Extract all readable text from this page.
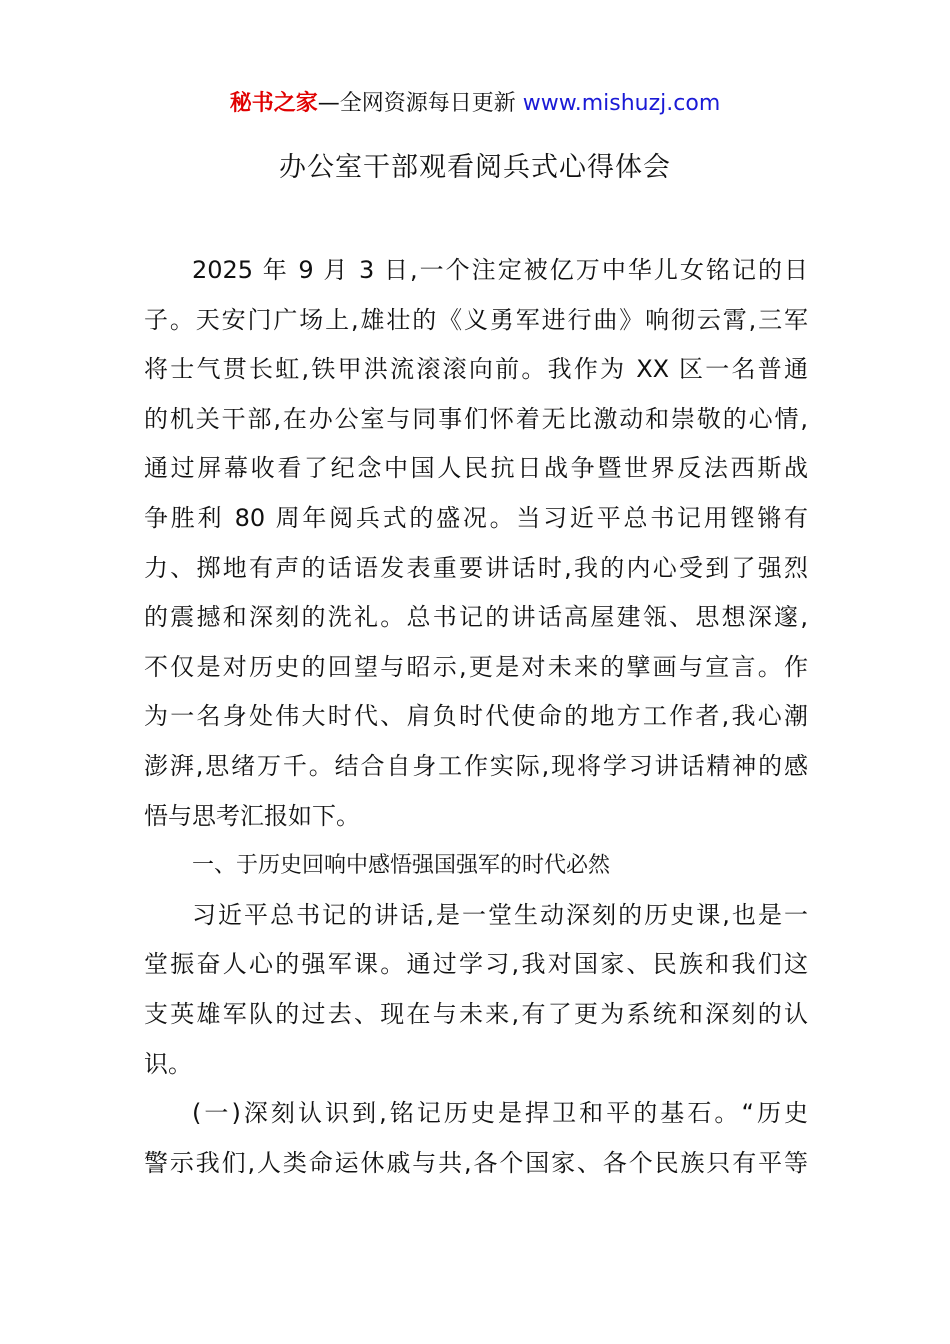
秘书之家—全网资源每日更新 www.mishuzj.com
办公室干部观看阅兵式心得体会
2025 年 9 月 3 日,一个注定被亿万中华儿女铭记的日
子。天安门广场上,雄壮的《义勇军进行曲》响彻云霄,三军
将士气贯长虹,铁甲洪流滚滚向前。我作为 XX 区一名普通
的机关干部,在办公室与同事们怀着无比激动和崇敬的心情,
通过屏幕收看了纪念中国人民抗日战争暨世界反法西斯战
争胜利 80 周年阅兵式的盛况。当习近平总书记用铿锵有
力、掷地有声的话语发表重要讲话时,我的内心受到了强烈
的震撼和深刻的洗礼。总书记的讲话高屋建瓴、思想深邃,
不仅是对历史的回望与昭示,更是对未来的擘画与宣言。作
为一名身处伟大时代、肩负时代使命的地方工作者,我心潮
澎湃,思绪万千。结合自身工作实际,现将学习讲话精神的感
悟与思考汇报如下。
一、于历史回响中感悟强国强军的时代必然
习近平总书记的讲话,是一堂生动深刻的历史课,也是一
堂振奋人心的强军课。通过学习,我对国家、民族和我们这
支英雄军队的过去、现在与未来,有了更为系统和深刻的认
识。
(一)深刻认识到,铭记历史是捍卫和平的基石。“历史
警示我们,人类命运休戚与共,各个国家、各个民族只有平等
